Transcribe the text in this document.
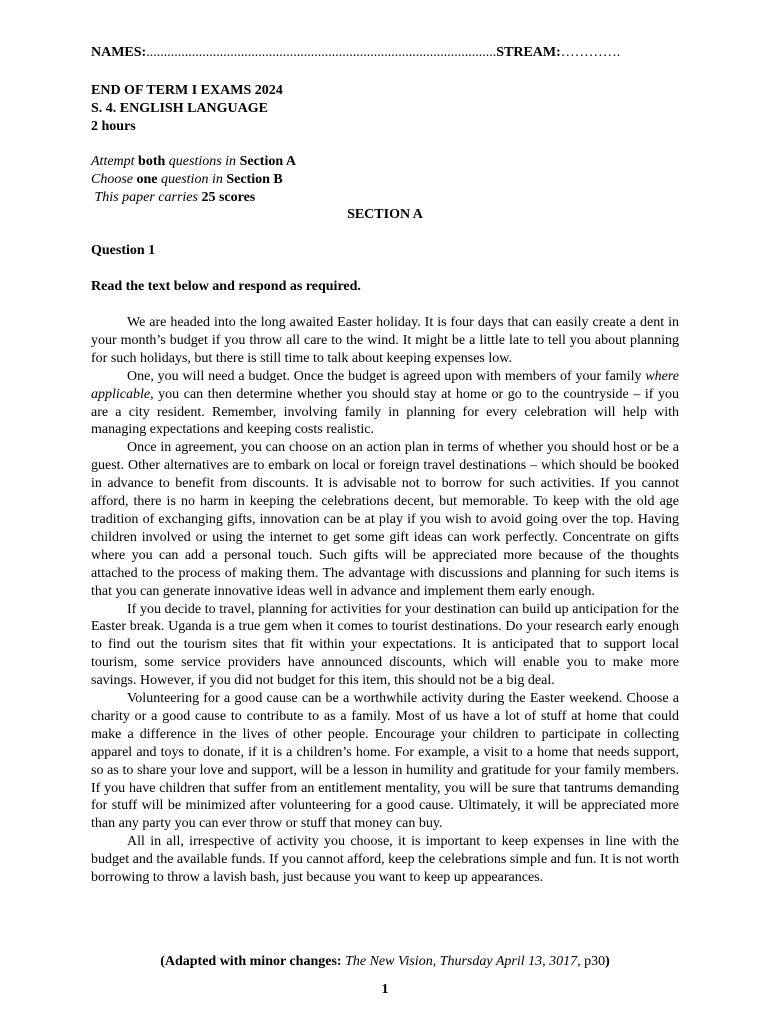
NAMES:....................................................................................................STREAM:………….
END OF TERM I EXAMS 2024
S. 4. ENGLISH LANGUAGE
2 hours
Attempt both questions in Section A
Choose one question in Section B
This paper carries 25 scores
SECTION A
Question 1
Read the text below and respond as required.

We are headed into the long awaited Easter holiday. It is four days that can easily create a dent in your month’s budget if you throw all care to the wind. It might be a little late to tell you about planning for such holidays, but there is still time to talk about keeping expenses low.

One, you will need a budget. Once the budget is agreed upon with members of your family where applicable, you can then determine whether you should stay at home or go to the countryside – if you are a city resident. Remember, involving family in planning for every celebration will help with managing expectations and keeping costs realistic.

Once in agreement, you can choose on an action plan in terms of whether you should host or be a guest. Other alternatives are to embark on local or foreign travel destinations – which should be booked in advance to benefit from discounts. It is advisable not to borrow for such activities. If you cannot afford, there is no harm in keeping the celebrations decent, but memorable. To keep with the old age tradition of exchanging gifts, innovation can be at play if you wish to avoid going over the top. Having children involved or using the internet to get some gift ideas can work perfectly. Concentrate on gifts where you can add a personal touch. Such gifts will be appreciated more because of the thoughts attached to the process of making them. The advantage with discussions and planning for such items is that you can generate innovative ideas well in advance and implement them early enough.

If you decide to travel, planning for activities for your destination can build up anticipation for the Easter break. Uganda is a true gem when it comes to tourist destinations. Do your research early enough to find out the tourism sites that fit within your expectations. It is anticipated that to support local tourism, some service providers have announced discounts, which will enable you to make more savings. However, if you did not budget for this item, this should not be a big deal.

Volunteering for a good cause can be a worthwhile activity during the Easter weekend. Choose a charity or a good cause to contribute to as a family. Most of us have a lot of stuff at home that could make a difference in the lives of other people. Encourage your children to participate in collecting apparel and toys to donate, if it is a children’s home. For example, a visit to a home that needs support, so as to share your love and support, will be a lesson in humility and gratitude for your family members. If you have children that suffer from an entitlement mentality, you will be sure that tantrums demanding for stuff will be minimized after volunteering for a good cause. Ultimately, it will be appreciated more than any party you can ever throw or stuff that money can buy.

All in all, irrespective of activity you choose, it is important to keep expenses in line with the budget and the available funds. If you cannot afford, keep the celebrations simple and fun. It is not worth borrowing to throw a lavish bash, just because you want to keep up appearances.

(Adapted with minor changes: The New Vision, Thursday April 13, 3017, p30)
1
